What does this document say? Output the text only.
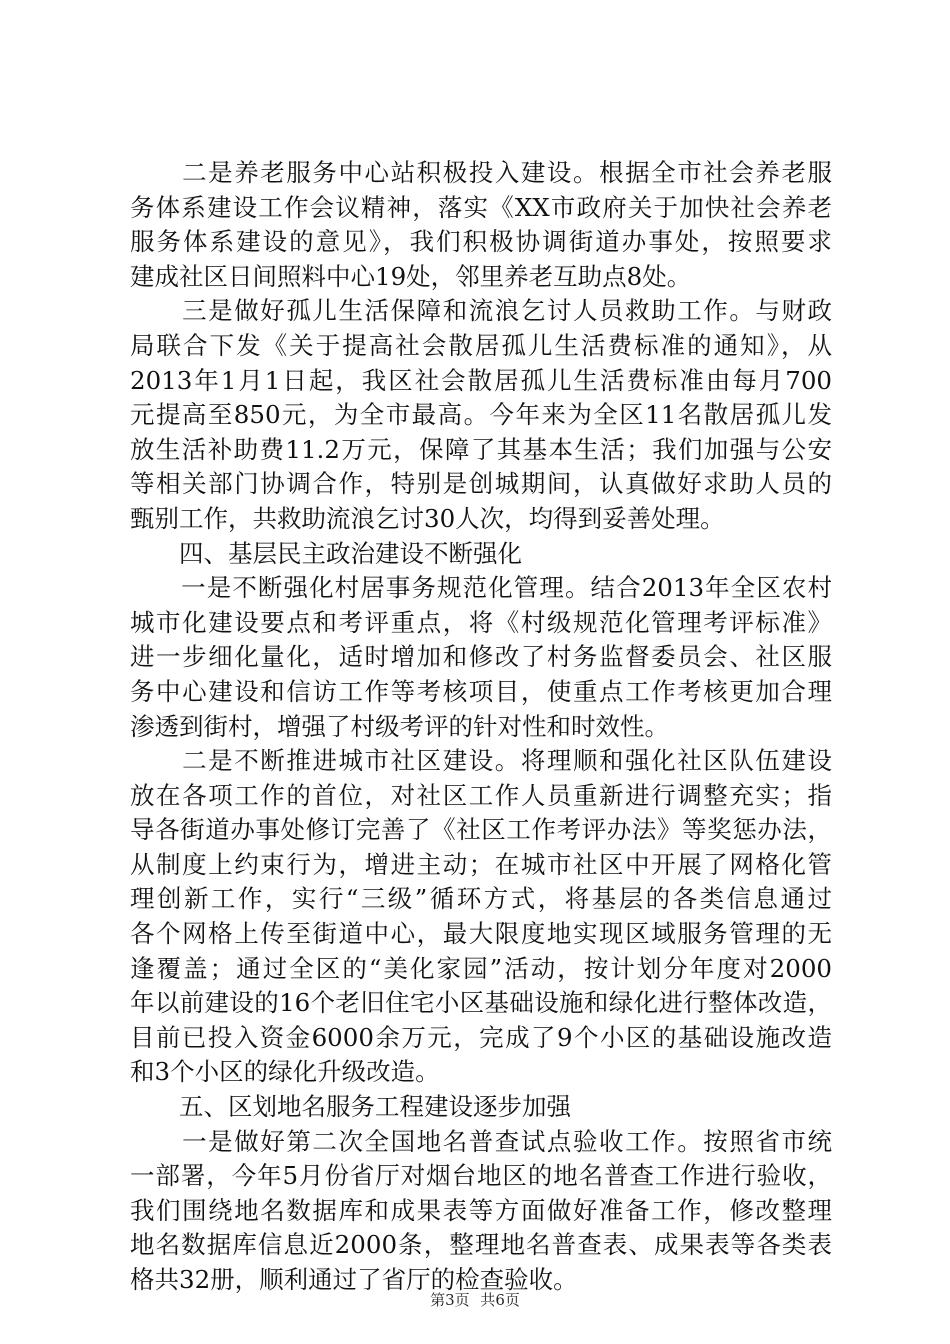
　　二是养老服务中心站积极投入建设。根据全市社会养老服
务体系建设工作会议精神，落实《XX市政府关于加快社会养老
服务体系建设的意见》，我们积极协调街道办事处，按照要求
建成社区日间照料中心19处，邻里养老互助点8处。
　　三是做好孤儿生活保障和流浪乞讨人员救助工作。与财政
局联合下发《关于提高社会散居孤儿生活费标准的通知》，从
2013年1月1日起，我区社会散居孤儿生活费标准由每月700
元提高至850元，为全市最高。今年来为全区11名散居孤儿发
放生活补助费11.2万元，保障了其基本生活；我们加强与公安
等相关部门协调合作，特别是创城期间，认真做好求助人员的
甄别工作，共救助流浪乞讨30人次，均得到妥善处理。
　　四、基层民主政治建设不断强化
　　一是不断强化村居事务规范化管理。结合2013年全区农村
城市化建设要点和考评重点，将《村级规范化管理考评标准》
进一步细化量化，适时增加和修改了村务监督委员会、社区服
务中心建设和信访工作等考核项目，使重点工作考核更加合理
渗透到街村，增强了村级考评的针对性和时效性。
　　二是不断推进城市社区建设。将理顺和强化社区队伍建设
放在各项工作的首位，对社区工作人员重新进行调整充实；指
导各街道办事处修订完善了《社区工作考评办法》等奖惩办法，
从制度上约束行为，增进主动；在城市社区中开展了网格化管
理创新工作，实行“三级”循环方式，将基层的各类信息通过
各个网格上传至街道中心，最大限度地实现区域服务管理的无
逢覆盖；通过全区的“美化家园”活动，按计划分年度对2000
年以前建设的16个老旧住宅小区基础设施和绿化进行整体改造，
目前已投入资金6000余万元，完成了9个小区的基础设施改造
和3个小区的绿化升级改造。
　　五、区划地名服务工程建设逐步加强
　　一是做好第二次全国地名普查试点验收工作。按照省市统
一部署，今年5月份省厅对烟台地区的地名普查工作进行验收，
我们围绕地名数据库和成果表等方面做好准备工作，修改整理
地名数据库信息近2000条，整理地名普查表、成果表等各类表
格共32册，顺利通过了省厅的检查验收。
第3页 共6页
